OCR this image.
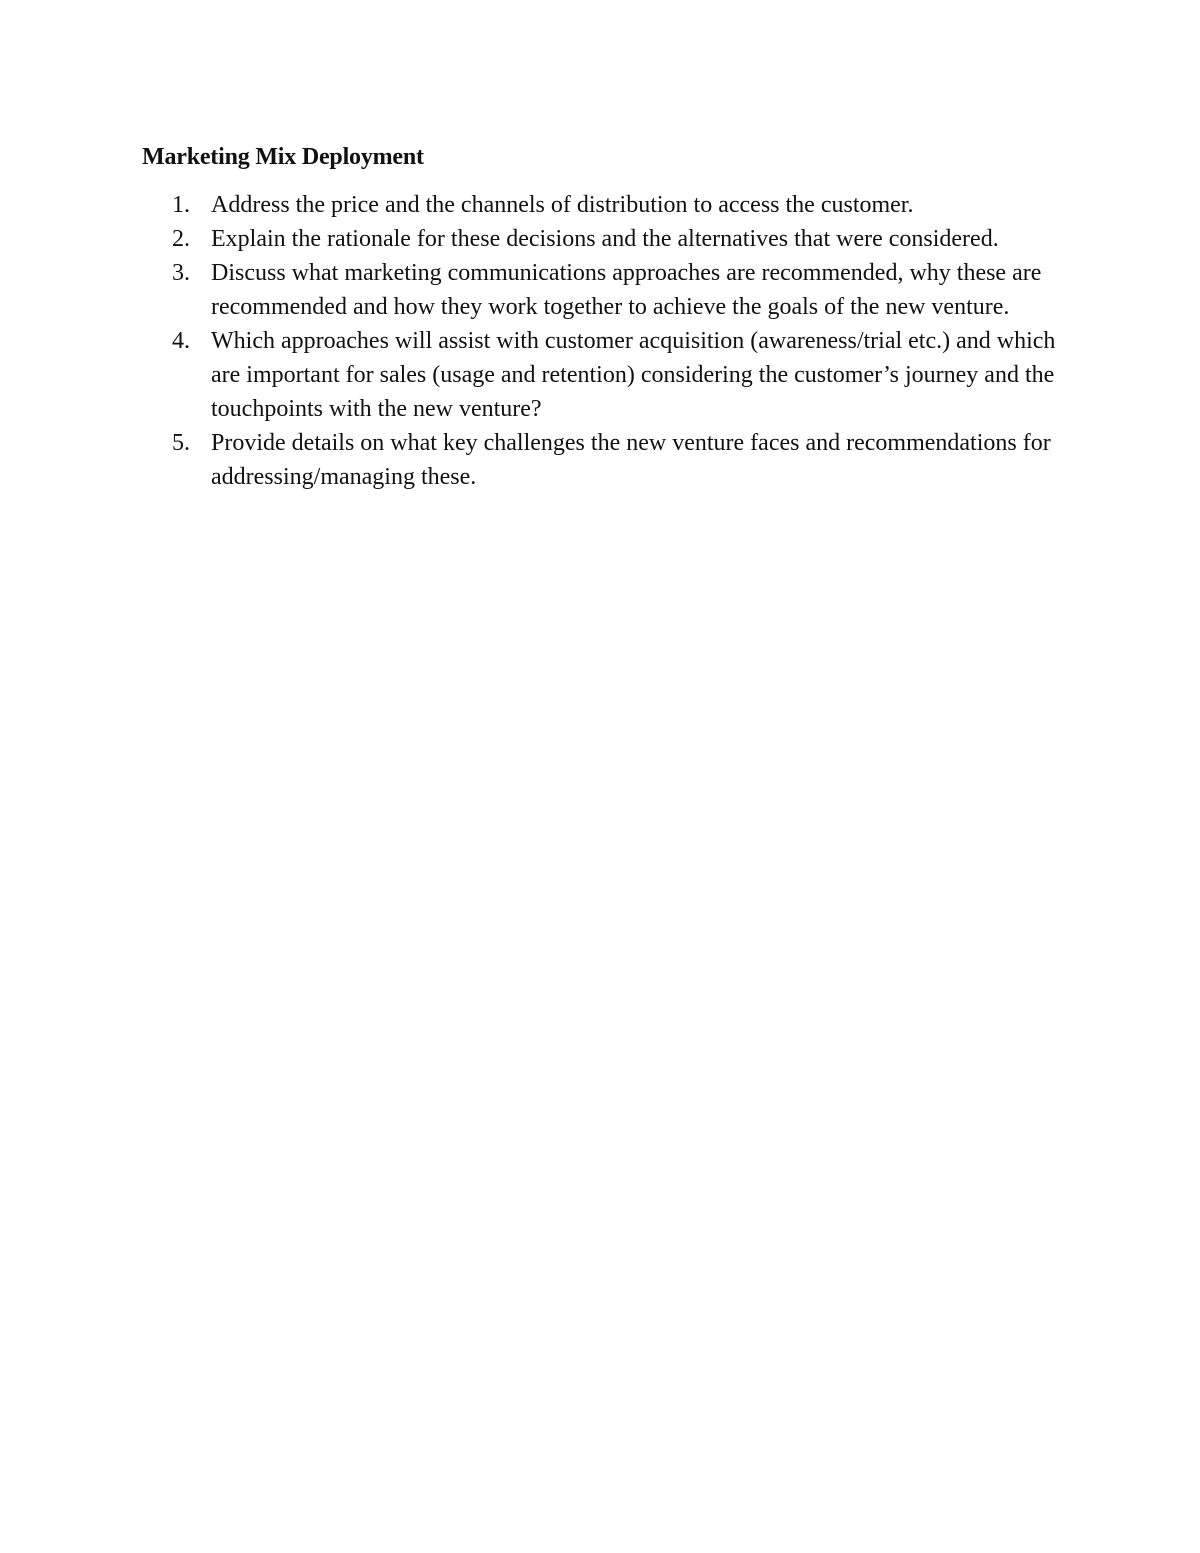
Marketing Mix Deployment
1. Address the price and the channels of distribution to access the customer.
2. Explain the rationale for these decisions and the alternatives that were considered.
3. Discuss what marketing communications approaches are recommended, why these are recommended and how they work together to achieve the goals of the new venture.
4. Which approaches will assist with customer acquisition (awareness/trial etc.) and which are important for sales (usage and retention) considering the customer’s journey and the touchpoints with the new venture?
5. Provide details on what key challenges the new venture faces and recommendations for addressing/managing these.
